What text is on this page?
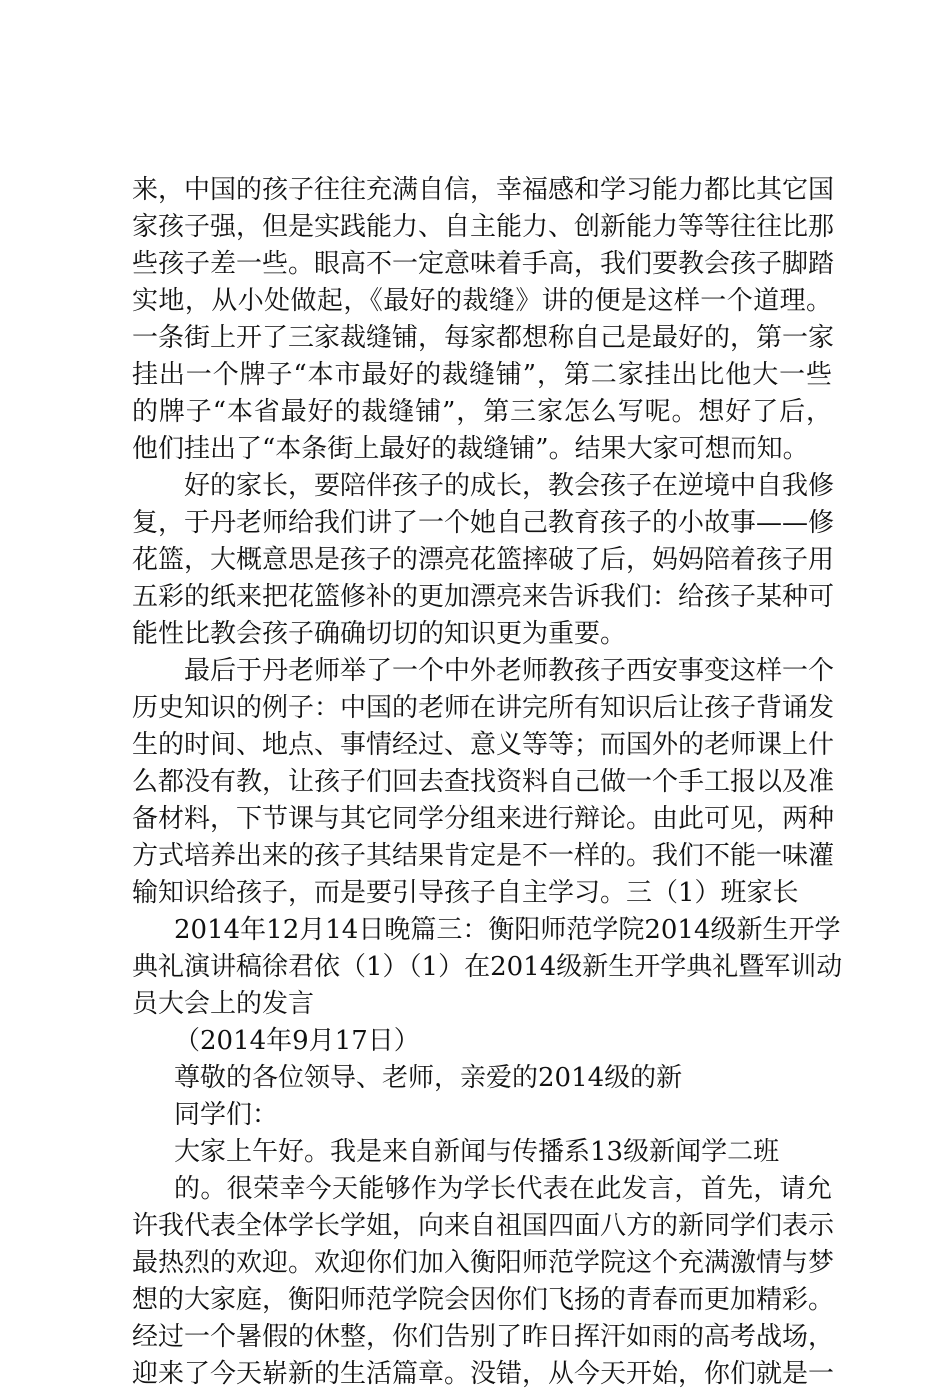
来，中国的孩子往往充满自信，幸福感和学习能力都比其它国
家孩子强，但是实践能力、自主能力、创新能力等等往往比那
些孩子差一些。眼高不一定意味着手高，我们要教会孩子脚踏
实地，从小处做起，《最好的裁缝》讲的便是这样一个道理。
一条街上开了三家裁缝铺，每家都想称自己是最好的，第一家
挂出一个牌子“本市最好的裁缝铺”，第二家挂出比他大一些
的牌子“本省最好的裁缝铺”，第三家怎么写呢。想好了后，
他们挂出了“本条街上最好的裁缝铺”。结果大家可想而知。
好的家长，要陪伴孩子的成长，教会孩子在逆境中自我修
复，于丹老师给我们讲了一个她自己教育孩子的小故事——修
花篮，大概意思是孩子的漂亮花篮摔破了后，妈妈陪着孩子用
五彩的纸来把花篮修补的更加漂亮来告诉我们：给孩子某种可
能性比教会孩子确确切切的知识更为重要。
最后于丹老师举了一个中外老师教孩子西安事变这样一个
历史知识的例子：中国的老师在讲完所有知识后让孩子背诵发
生的时间、地点、事情经过、意义等等；而国外的老师课上什
么都没有教，让孩子们回去查找资料自己做一个手工报以及准
备材料，下节课与其它同学分组来进行辩论。由此可见，两种
方式培养出来的孩子其结果肯定是不一样的。我们不能一味灌
输知识给孩子，而是要引导孩子自主学习。三（1）班家长
2014年12月14日晚篇三：衡阳师范学院2014级新生开学
典礼演讲稿徐君依（1）（1）在2014级新生开学典礼暨军训动
员大会上的发言
（2014年9月17日）
尊敬的各位领导、老师，亲爱的2014级的新
同学们：
大家上午好。我是来自新闻与传播系13级新闻学二班
的。很荣幸今天能够作为学长代表在此发言，首先，请允
许我代表全体学长学姐，向来自祖国四面八方的新同学们表示
最热烈的欢迎。欢迎你们加入衡阳师范学院这个充满激情与梦
想的大家庭，衡阳师范学院会因你们飞扬的青春而更加精彩。
经过一个暑假的休整，你们告别了昨日挥汗如雨的高考战场，
迎来了今天崭新的生活篇章。没错，从今天开始，你们就是一
